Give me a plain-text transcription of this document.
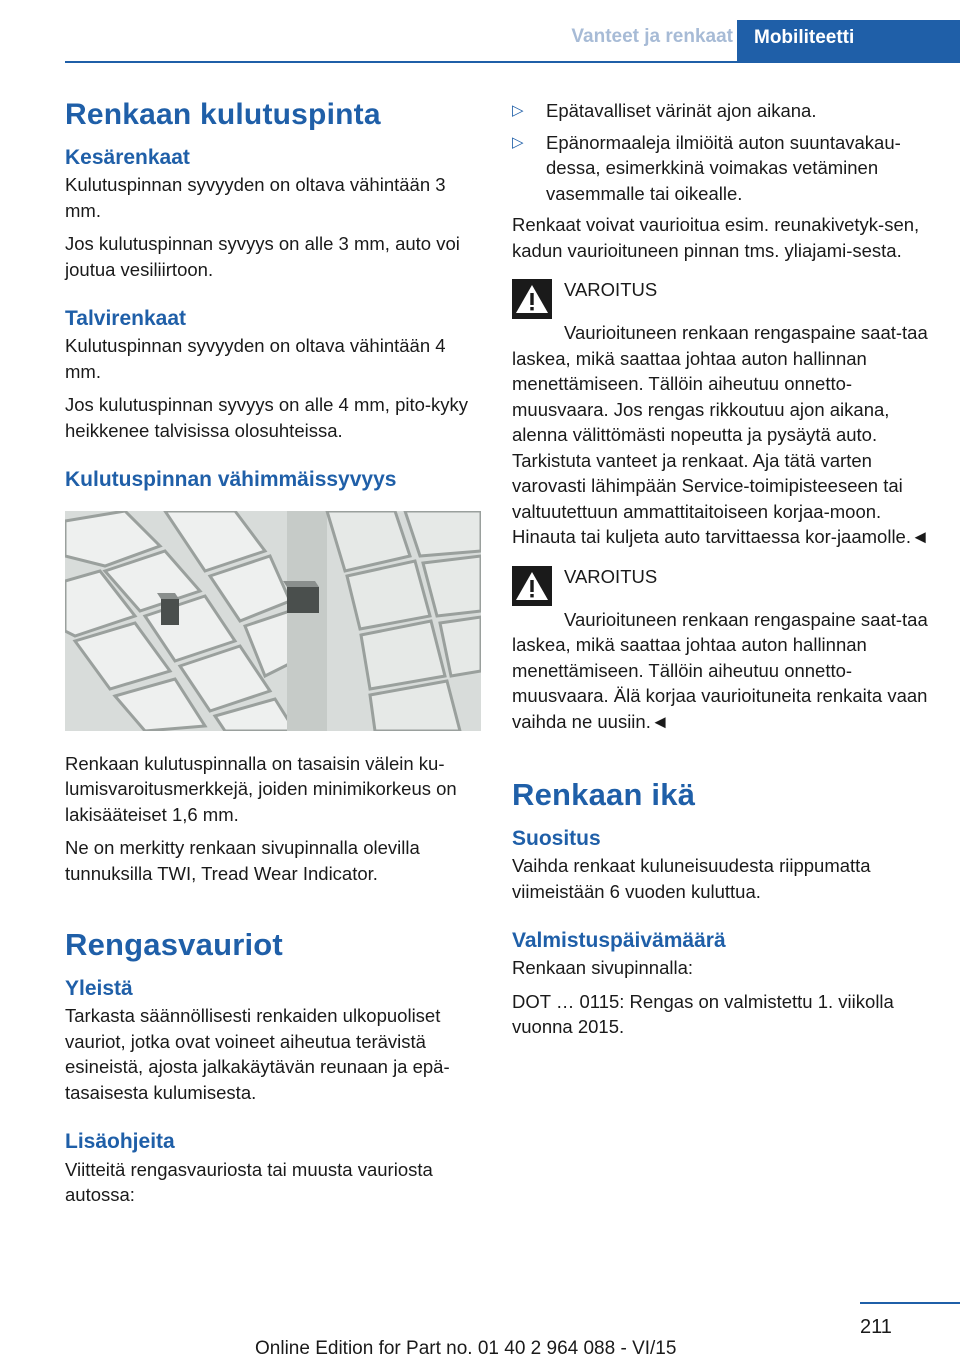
Vanteet ja renkaat	Mobiliteetti
Renkaan kulutuspinta
Kesärenkaat

Kulutuspinnan syvyyden on oltava vähintään 3 mm.

Jos kulutuspinnan syvyys on alle 3 mm, auto voi joutua vesiliirtoon.

Talvirenkaat

Kulutuspinnan syvyyden on oltava vähintään 4 mm.

Jos kulutuspinnan syvyys on alle 4 mm, pito-kyky heikkenee talvisissa olosuhteissa.

Kulutuspinnan vähimmäissyvyys

Renkaan kulutuspinnalla on tasaisin välein ku-lumisvaroitusmerkkejä, joiden minimikorkeus on lakisääteiset 1,6 mm.

Ne on merkitty renkaan sivupinnalla olevilla tunnuksilla TWI, Tread Wear Indicator.

Rengasvauriot
Yleistä

Tarkasta säännöllisesti renkaiden ulkopuoliset vauriot, jotka ovat voineet aiheutua terävistä esineistä, ajosta jalkakäytävän reunaan ja epä-tasaisesta kulumisesta.

Lisäohjeita

Viitteitä rengasvauriosta tai muusta vauriosta autossa:

▷ Epätavalliset värinät ajon aikana.
▷ Epänormaaleja ilmiöitä auton suuntavakau-dessa, esimerkkinä voimakas vetäminen vasemmalle tai oikealle.

Renkaat voivat vaurioitua esim. reunakivetyk-sen, kadun vaurioituneen pinnan tms. yliajami-sesta.

VAROITUS
Vaurioituneen renkaan rengaspaine saat-taa laskea, mikä saattaa johtaa auton hallinnan menettämiseen. Tällöin aiheutuu onnetto-muusvaara. Jos rengas rikkoutuu ajon aikana, alenna välittömästi nopeutta ja pysäytä auto. Tarkistuta vanteet ja renkaat. Aja tätä varten varovasti lähimpään Service-toimipisteeseen tai valtuutettuun ammattitaitoiseen korjaa-moon. Hinauta tai kuljeta auto tarvittaessa kor-jaamolle.◄
VAROITUS
Vaurioituneen renkaan rengaspaine saat-taa laskea, mikä saattaa johtaa auton hallinnan menettämiseen. Tällöin aiheutuu onnetto-muusvaara. Älä korjaa vaurioituneita renkaita vaan vaihda ne uusiin.◄
Renkaan ikä
Suositus

Vaihda renkaat kuluneisuudesta riippumatta viimeistään 6 vuoden kuluttua.

Valmistuspäivämäärä

Renkaan sivupinnalla:

DOT … 0115: Rengas on valmistettu 1. viikolla vuonna 2015.

211
Online Edition for Part no. 01 40 2 964 088 - VI/15
